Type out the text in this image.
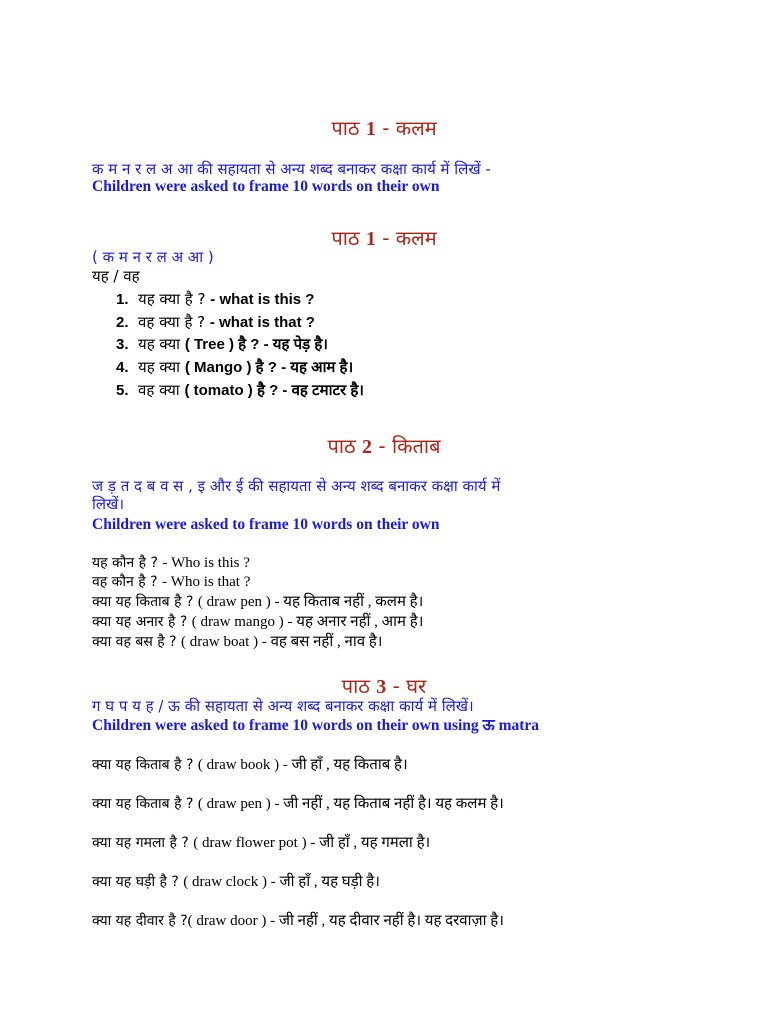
पाठ 1 - कलम
क म न र ल अ आ की सहायता से अन्य शब्द बनाकर कक्षा कार्य में लिखें -
Children were asked to frame 10 words on their own
पाठ 1 - कलम
( क म न र ल अ आ )
यह / वह
1. यह क्या है ? - what is this ?
2. वह क्या है ? - what is that ?
3. यह क्या ( Tree ) है ? - यह पेड़ है।
4. यह क्या ( Mango ) है ? - यह आम है।
5. वह क्या ( tomato ) है ? - वह टमाटर है।
पाठ 2 - किताब
ज ड़ त द ब व स , इ और ई की सहायता से अन्य शब्द बनाकर कक्षा कार्य में
लिखें।
Children were asked to frame 10 words on their own
यह कौन है ? - Who is this ?
वह कौन है ? - Who is that ?
क्या यह किताब है ? ( draw pen ) - यह किताब नहीं , कलम है।
क्या यह अनार है ? ( draw mango ) - यह अनार नहीं , आम है।
क्या वह बस है ? ( draw boat ) - वह बस नहीं , नाव है।
पाठ 3 - घर
ग घ प य ह / ऊ की सहायता से अन्य शब्द बनाकर कक्षा कार्य में लिखें।
Children were asked to frame 10 words on their own using ऊ matra
क्या यह किताब है ? ( draw book ) - जी हाँ , यह किताब है।
क्या यह किताब है ? ( draw pen ) - जी नहीं , यह किताब नहीं है। यह कलम है।
क्या यह गमला है ? ( draw flower pot ) - जी हाँ , यह गमला है।
क्या यह घड़ी है ? ( draw clock ) - जी हाँ , यह घड़ी है।
क्या यह दीवार है ?( draw door ) - जी नहीं , यह दीवार नहीं है। यह दरवाज़ा है।
